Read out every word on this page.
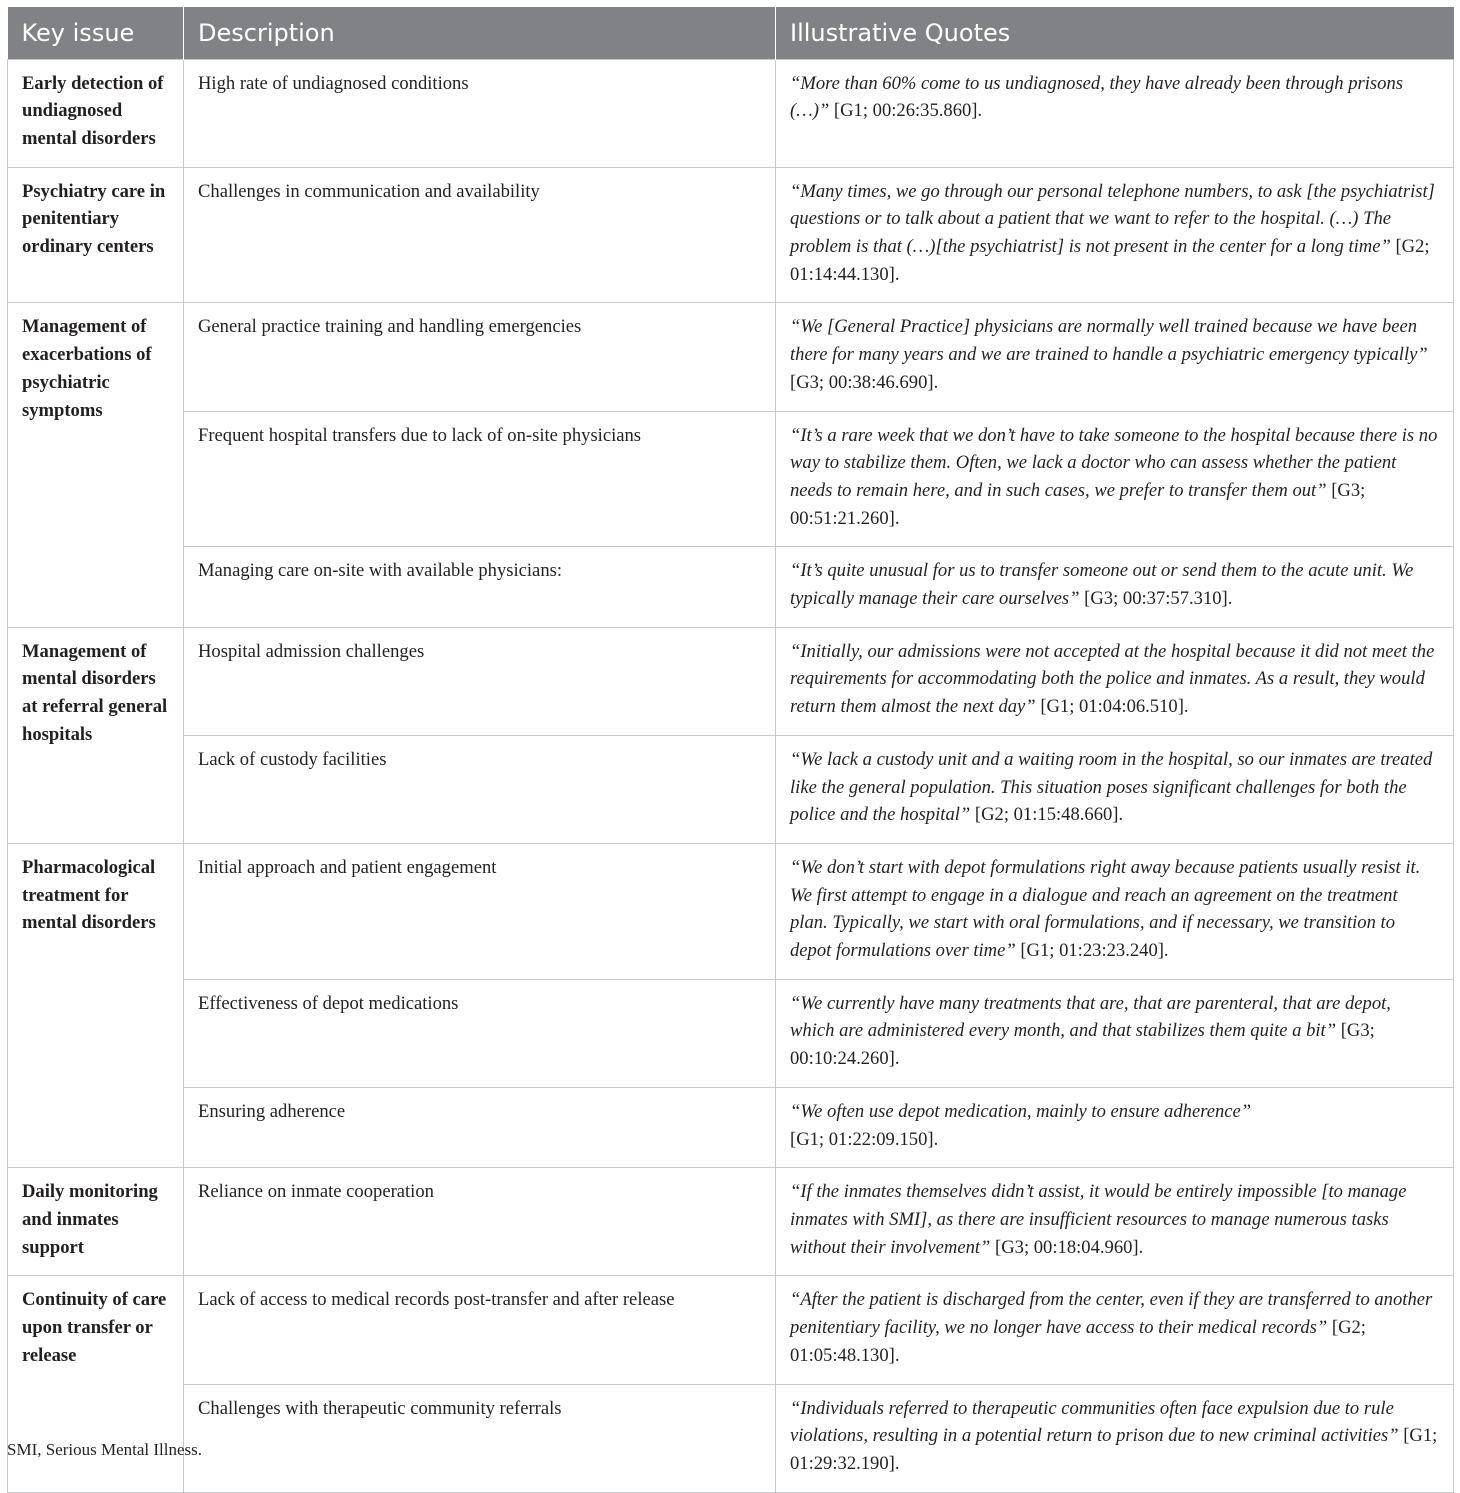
Key issue	Description	Illustrative Quotes
Early detection of undiagnosed mental disorders	High rate of undiagnosed conditions	“More than 60% come to us undiagnosed, they have already been through prisons (…)” [G1; 00:26:35.860].
Psychiatry care in penitentiary ordinary centers	Challenges in communication and availability	“Many times, we go through our personal telephone numbers, to ask [the psychiatrist] questions or to talk about a patient that we want to refer to the hospital. (…) The problem is that (…)[the psychiatrist] is not present in the center for a long time” [G2; 01:14:44.130].
Management of exacerbations of psychiatric symptoms	General practice training and handling emergencies	“We [General Practice] physicians are normally well trained because we have been there for many years and we are trained to handle a psychiatric emergency typically” [G3; 00:38:46.690].
	Frequent hospital transfers due to lack of on-site physicians	“It’s a rare week that we don’t have to take someone to the hospital because there is no way to stabilize them. Often, we lack a doctor who can assess whether the patient needs to remain here, and in such cases, we prefer to transfer them out” [G3; 00:51:21.260].
	Managing care on-site with available physicians:	“It’s quite unusual for us to transfer someone out or send them to the acute unit. We typically manage their care ourselves” [G3; 00:37:57.310].
Management of mental disorders at referral general hospitals	Hospital admission challenges	“Initially, our admissions were not accepted at the hospital because it did not meet the requirements for accommodating both the police and inmates. As a result, they would return them almost the next day” [G1; 01:04:06.510].
	Lack of custody facilities	“We lack a custody unit and a waiting room in the hospital, so our inmates are treated like the general population. This situation poses significant challenges for both the police and the hospital” [G2; 01:15:48.660].
Pharmacological treatment for mental disorders	Initial approach and patient engagement	“We don’t start with depot formulations right away because patients usually resist it. We first attempt to engage in a dialogue and reach an agreement on the treatment plan. Typically, we start with oral formulations, and if necessary, we transition to depot formulations over time” [G1; 01:23:23.240].
	Effectiveness of depot medications	“We currently have many treatments that are, that are parenteral, that are depot, which are administered every month, and that stabilizes them quite a bit” [G3; 00:10:24.260].
	Ensuring adherence	“We often use depot medication, mainly to ensure adherence”
[G1; 01:22:09.150].
Daily monitoring and inmates support	Reliance on inmate cooperation	“If the inmates themselves didn’t assist, it would be entirely impossible [to manage inmates with SMI], as there are insufficient resources to manage numerous tasks without their involvement” [G3; 00:18:04.960].
Continuity of care upon transfer or release	Lack of access to medical records post-transfer and after release	“After the patient is discharged from the center, even if they are transferred to another penitentiary facility, we no longer have access to their medical records” [G2; 01:05:48.130].
	Challenges with therapeutic community referrals	“Individuals referred to therapeutic communities often face expulsion due to rule violations, resulting in a potential return to prison due to new criminal activities” [G1; 01:29:32.190].
SMI, Serious Mental Illness.
